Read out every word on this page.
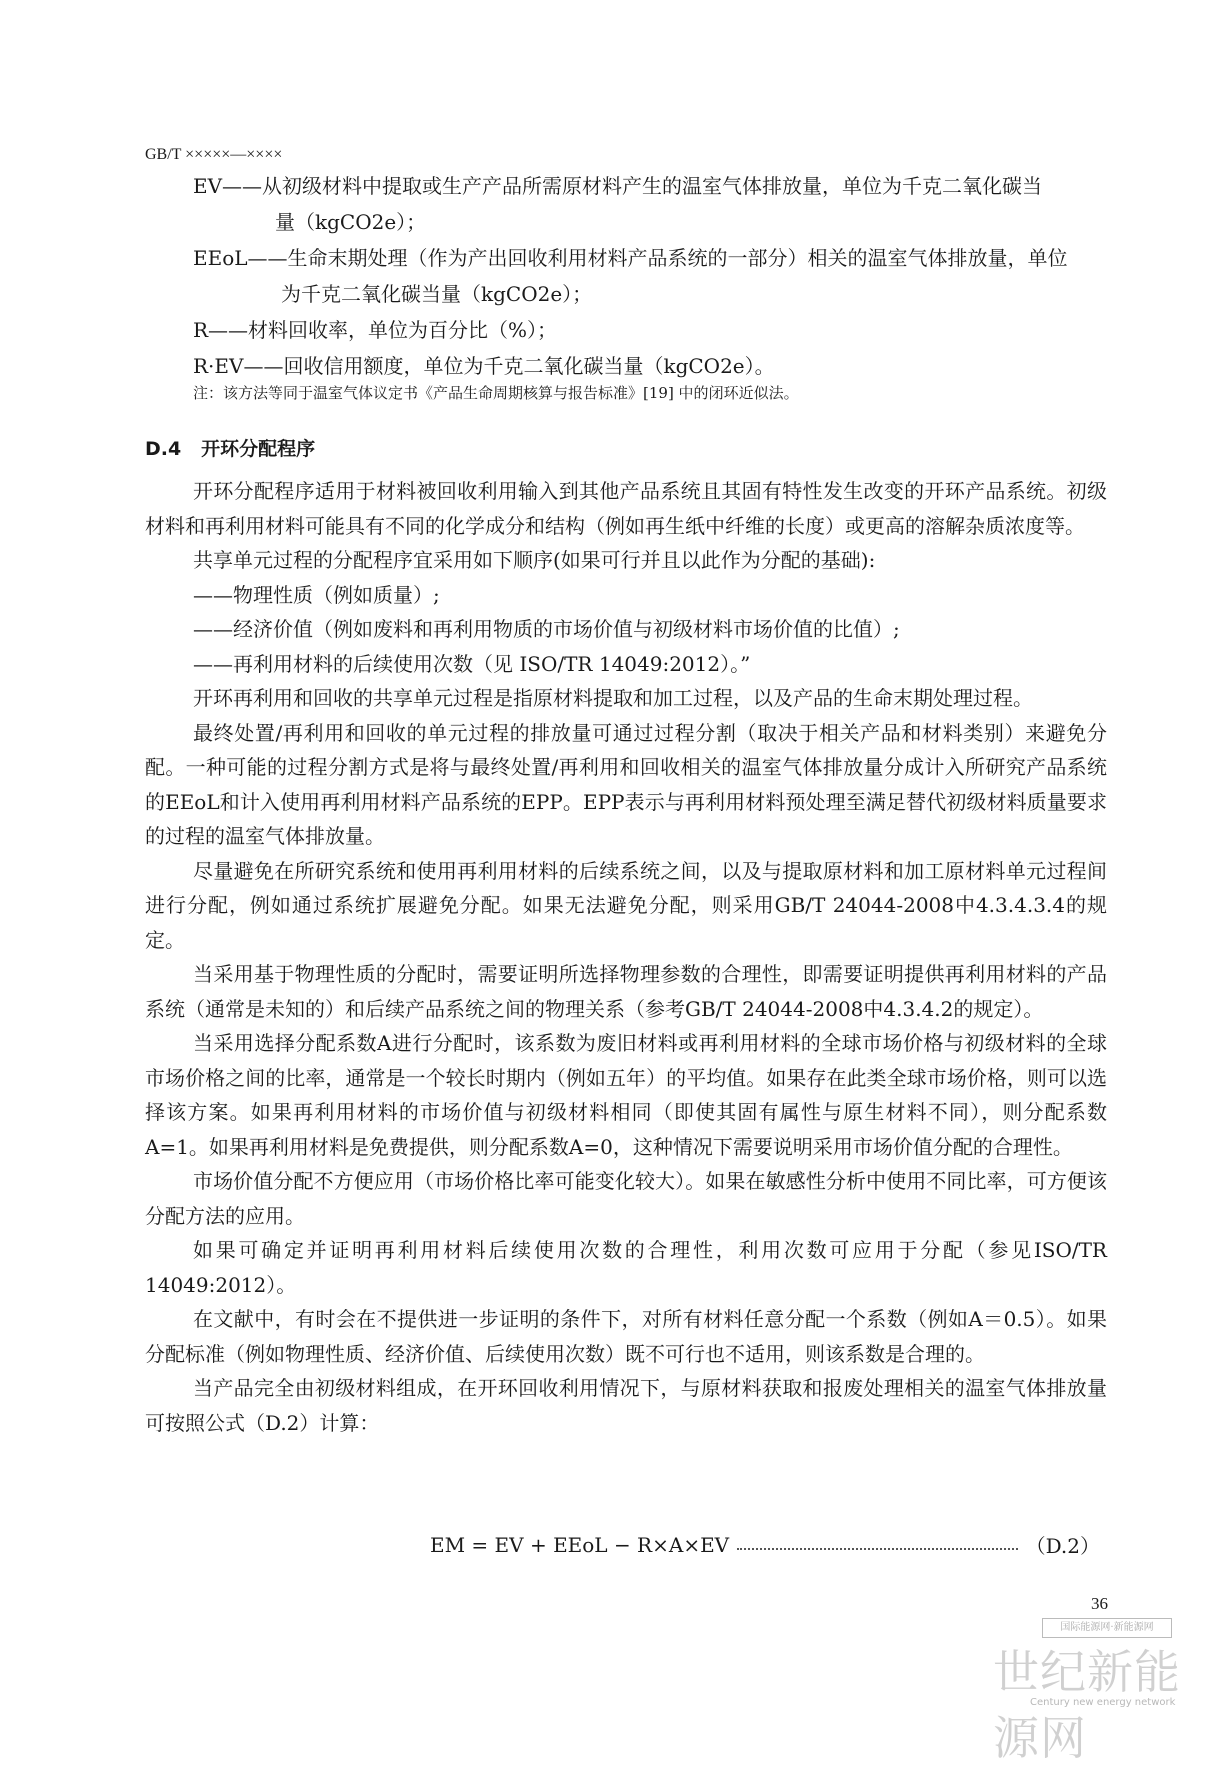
GB/T ×××××—××××
EV——从初级材料中提取或生产产品所需原材料产生的温室气体排放量，单位为千克二氧化碳当
量（kgCO2e）；
EEoL——生命末期处理（作为产出回收利用材料产品系统的一部分）相关的温室气体排放量，单位
为千克二氧化碳当量（kgCO2e）；
R——材料回收率，单位为百分比（%）；
R·EV——回收信用额度，单位为千克二氧化碳当量（kgCO2e）。
注：该方法等同于温室气体议定书《产品生命周期核算与报告标准》[19] 中的闭环近似法。
D.4 开环分配程序

开环分配程序适用于材料被回收利用输入到其他产品系统且其固有特性发生改变的开环产品系统。初级材料和再利用材料可能具有不同的化学成分和结构（例如再生纸中纤维的长度）或更高的溶解杂质浓度等。

共享单元过程的分配程序宜采用如下顺序(如果可行并且以此作为分配的基础):

——物理性质（例如质量）;

——经济价值（例如废料和再利用物质的市场价值与初级材料市场价值的比值）;

——再利用材料的后续使用次数（见 ISO/TR 14049:2012）。”

开环再利用和回收的共享单元过程是指原材料提取和加工过程，以及产品的生命末期处理过程。

最终处置/再利用和回收的单元过程的排放量可通过过程分割（取决于相关产品和材料类别）来避免分配。一种可能的过程分割方式是将与最终处置/再利用和回收相关的温室气体排放量分成计入所研究产品系统的EEoL和计入使用再利用材料产品系统的EPP。EPP表示与再利用材料预处理至满足替代初级材料质量要求的过程的温室气体排放量。

尽量避免在所研究系统和使用再利用材料的后续系统之间，以及与提取原材料和加工原材料单元过程间进行分配，例如通过系统扩展避免分配。如果无法避免分配，则采用GB/T 24044-2008中4.3.4.3.4的规定。

当采用基于物理性质的分配时，需要证明所选择物理参数的合理性，即需要证明提供再利用材料的产品系统（通常是未知的）和后续产品系统之间的物理关系（参考GB/T 24044-2008中4.3.4.2的规定）。

当采用选择分配系数A进行分配时，该系数为废旧材料或再利用材料的全球市场价格与初级材料的全球市场价格之间的比率，通常是一个较长时期内（例如五年）的平均值。如果存在此类全球市场价格，则可以选择该方案。如果再利用材料的市场价值与初级材料相同（即使其固有属性与原生材料不同），则分配系数A=1。如果再利用材料是免费提供，则分配系数A=0，这种情况下需要说明采用市场价值分配的合理性。

市场价值分配不方便应用（市场价格比率可能变化较大）。如果在敏感性分析中使用不同比率，可方便该分配方法的应用。

如果可确定并证明再利用材料后续使用次数的合理性，利用次数可应用于分配（参见ISO/TR 14049:2012）。

在文献中，有时会在不提供进一步证明的条件下，对所有材料任意分配一个系数（例如A＝0.5）。如果分配标准（例如物理性质、经济价值、后续使用次数）既不可行也不适用，则该系数是合理的。

当产品完全由初级材料组成，在开环回收利用情况下，与原材料获取和报废处理相关的温室气体排放量可按照公式（D.2）计算：

EM = EV + EEoL − R×A×EV	（D.2）
36
国际能源网·新能源网
世纪新能源网
Century new energy network
